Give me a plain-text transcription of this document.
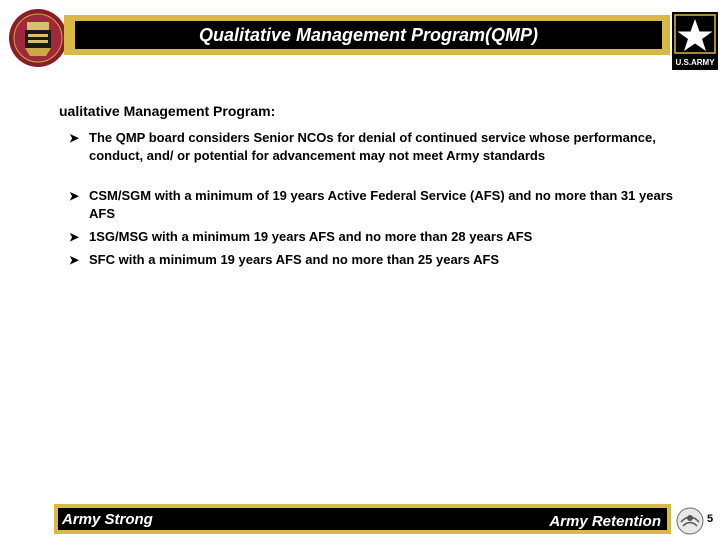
Qualitative Management Program(QMP)
U.S.ARMY
ualitative Management Program:
➤ The QMP board considers Senior NCOs for denial of continued service whose performance, conduct, and/ or potential for advancement may not meet Army standards
➤ CSM/SGM with a minimum of 19 years Active Federal Service (AFS) and no more than 31 years AFS
➤ 1SG/MSG with a minimum 19 years AFS and no more than 28 years AFS
➤ SFC with a minimum 19 years AFS and no more than 25 years AFS
Army Strong	Army Retention	5
